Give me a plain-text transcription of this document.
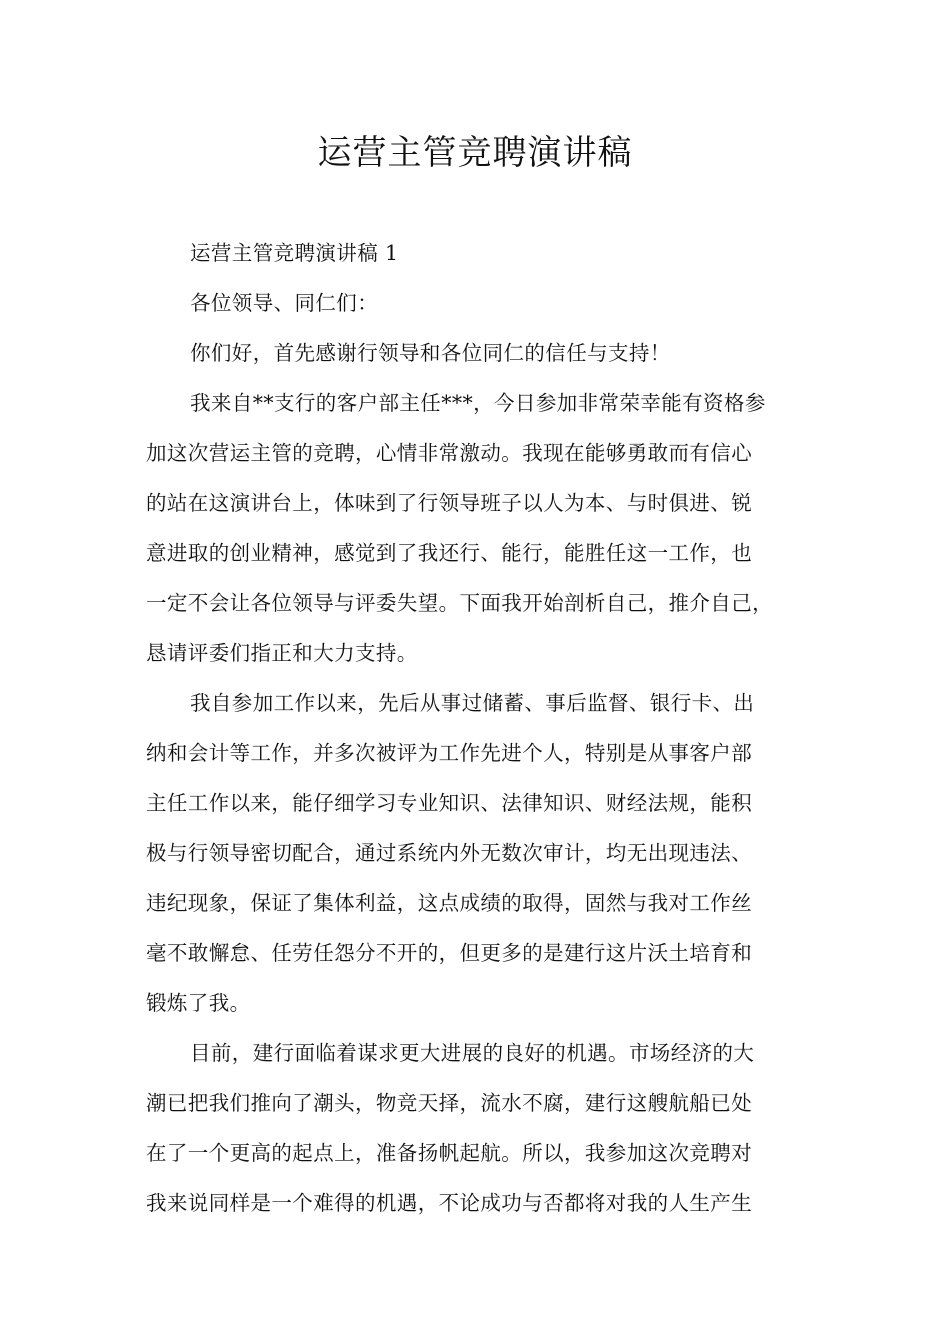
运营主管竞聘演讲稿
运营主管竞聘演讲稿 1
各位领导、同仁们：
你们好，首先感谢行领导和各位同仁的信任与支持！
我来自**支行的客户部主任***，今日参加非常荣幸能有资格参
加这次营运主管的竞聘，心情非常激动。我现在能够勇敢而有信心
的站在这演讲台上，体味到了行领导班子以人为本、与时俱进、锐
意进取的创业精神，感觉到了我还行、能行，能胜任这一工作，也
一定不会让各位领导与评委失望。下面我开始剖析自己，推介自己，
恳请评委们指正和大力支持。
我自参加工作以来，先后从事过储蓄、事后监督、银行卡、出
纳和会计等工作，并多次被评为工作先进个人，特别是从事客户部
主任工作以来，能仔细学习专业知识、法律知识、财经法规，能积
极与行领导密切配合，通过系统内外无数次审计，均无出现违法、
违纪现象，保证了集体利益，这点成绩的取得，固然与我对工作丝
毫不敢懈怠、任劳任怨分不开的，但更多的是建行这片沃土培育和
锻炼了我。
目前，建行面临着谋求更大进展的良好的机遇。市场经济的大
潮已把我们推向了潮头，物竞天择，流水不腐，建行这艘航船已处
在了一个更高的起点上，准备扬帆起航。所以，我参加这次竞聘对
我来说同样是一个难得的机遇，不论成功与否都将对我的人生产生
